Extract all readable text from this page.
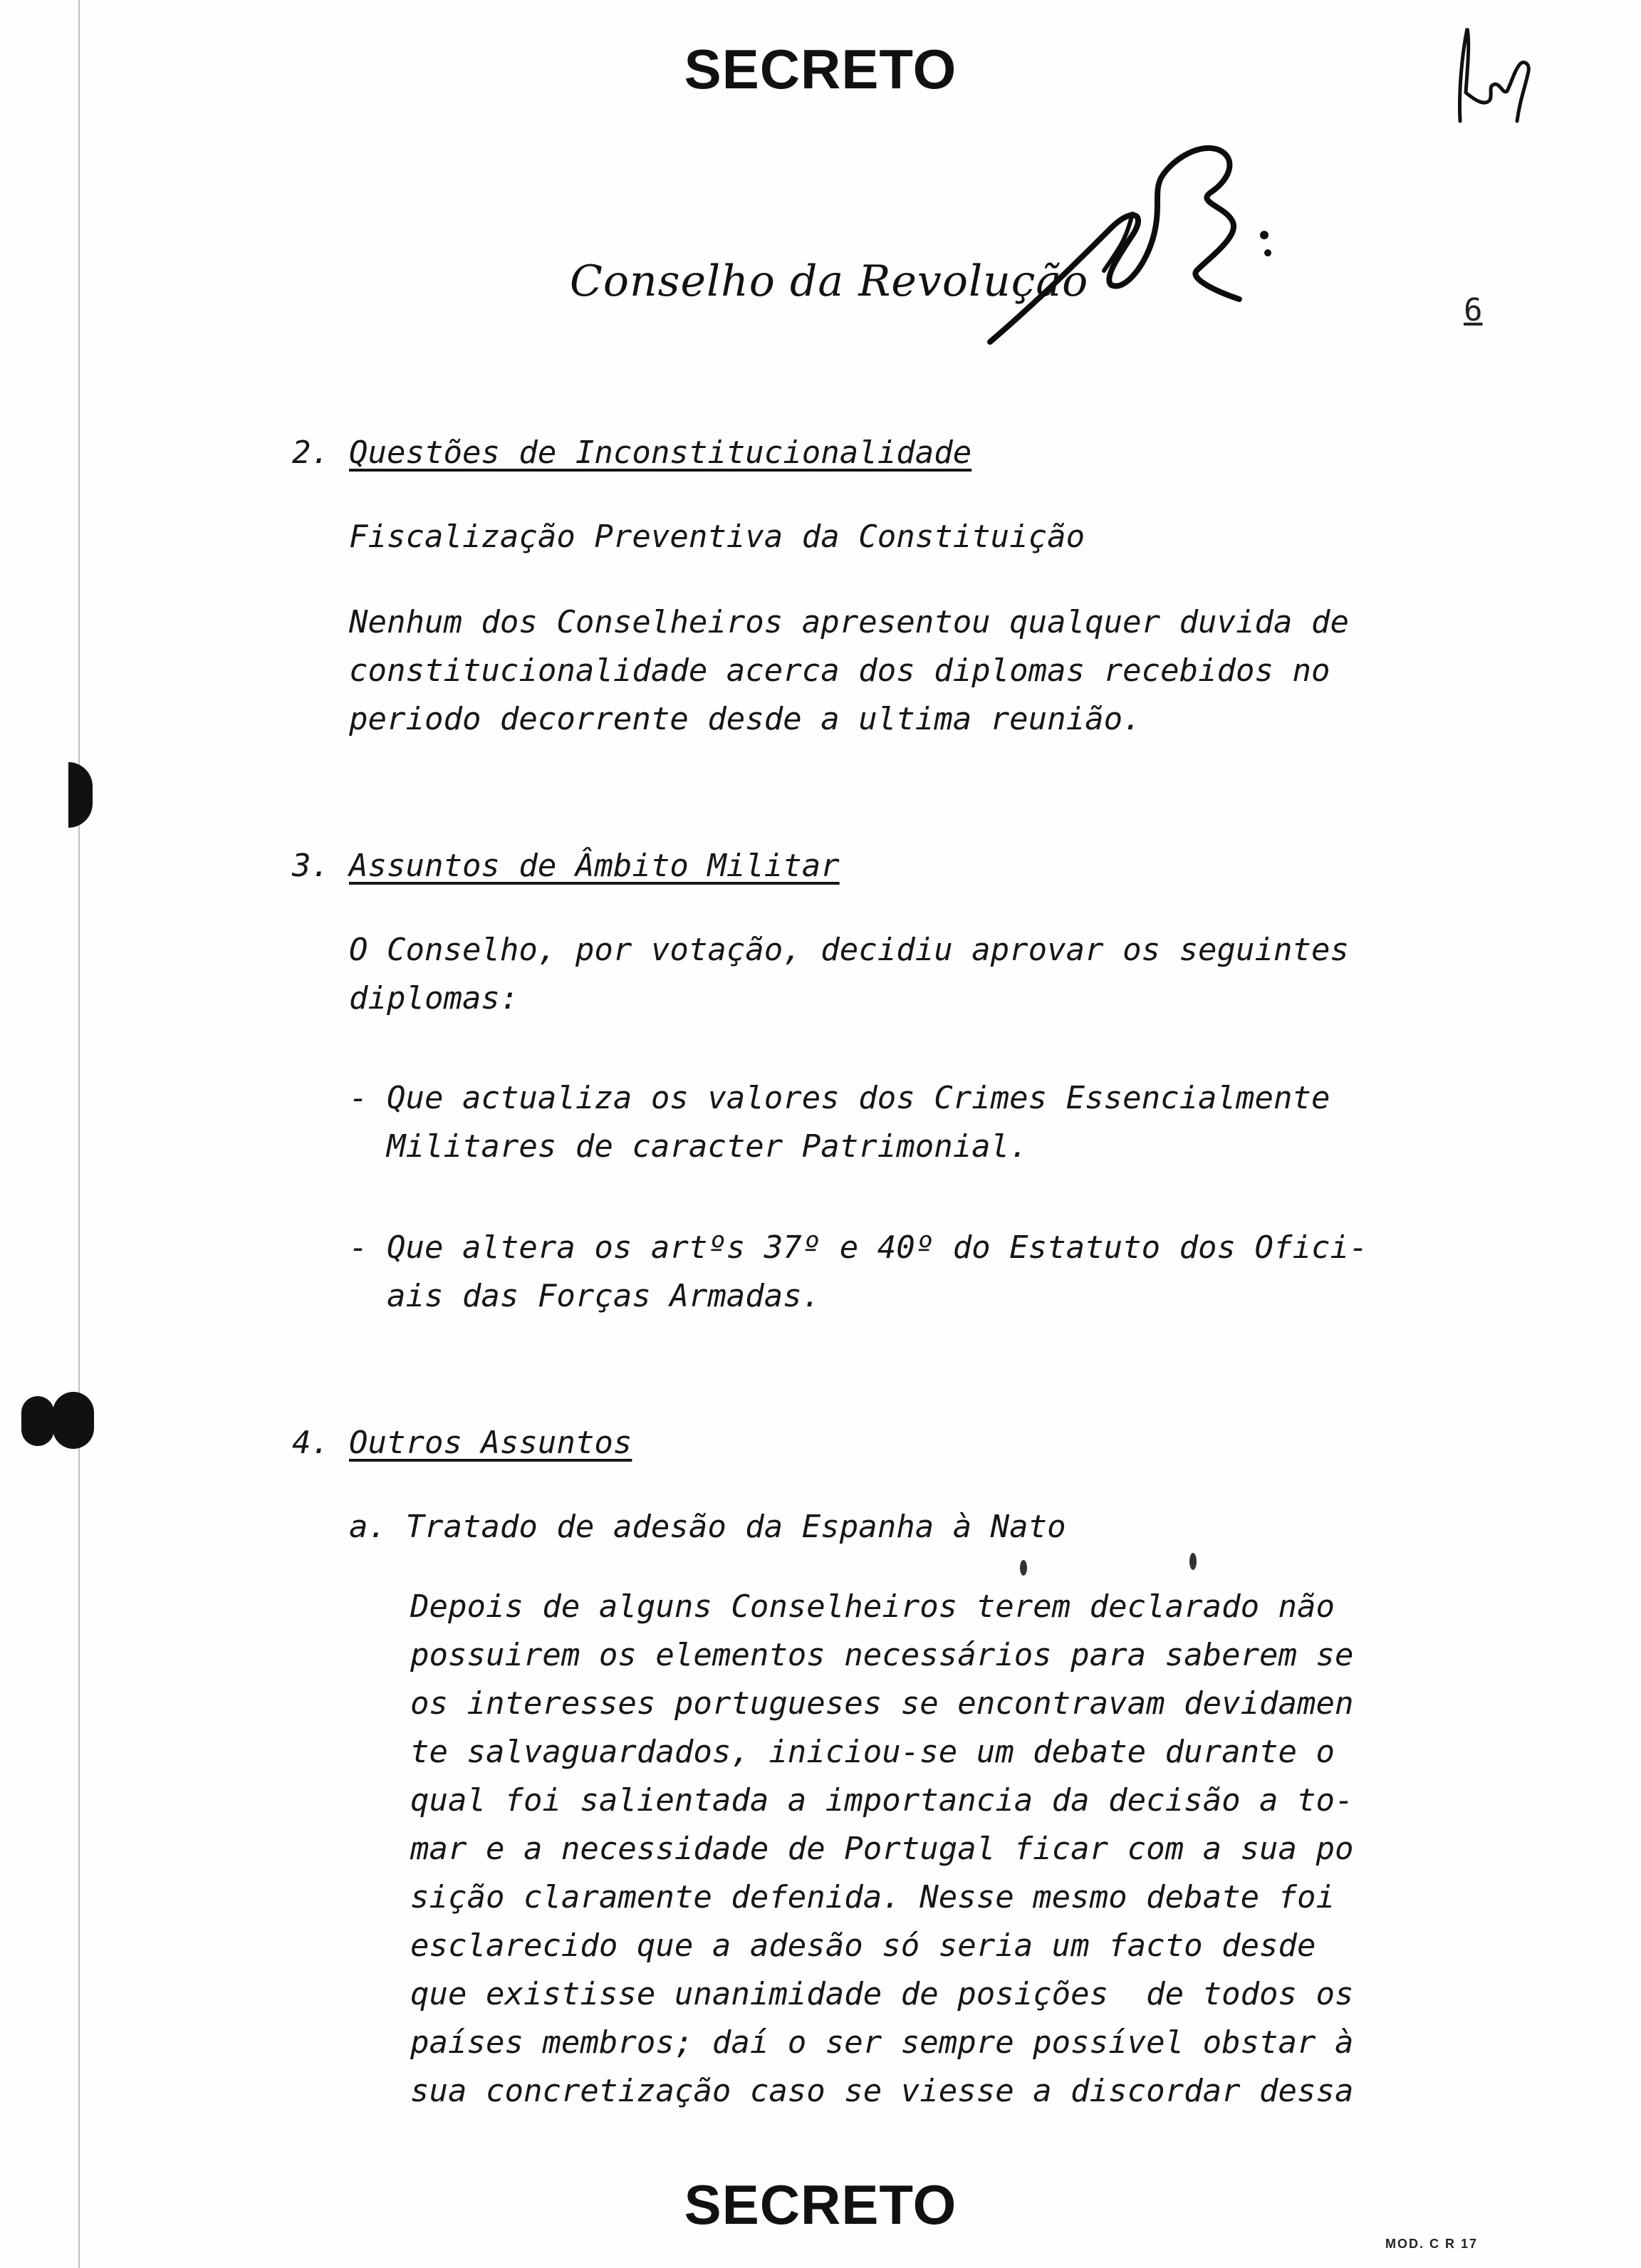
SECRETO
Conselho da Revolução
6
2. Questões de Inconstitucionalidade
Fiscalização Preventiva da Constituição
Nenhum dos Conselheiros apresentou qualquer duvida de
constitucionalidade acerca dos diplomas recebidos no
periodo decorrente desde a ultima reunião.
3. Assuntos de Âmbito Militar
O Conselho, por votação, decidiu aprovar os seguintes
diplomas:
- Que actualiza os valores dos Crimes Essencialmente
Militares de caracter Patrimonial.
- Que altera os artºs 37º e 40º do Estatuto dos Ofici-
ais das Forças Armadas.
4. Outros Assuntos
a. Tratado de adesão da Espanha à Nato
Depois de alguns Conselheiros terem declarado não
possuirem os elementos necessários para saberem se
os interesses portugueses se encontravam devidamen
te salvaguardados, iniciou-se um debate durante o
qual foi salientada a importancia da decisão a to-
mar e a necessidade de Portugal ficar com a sua po
sição claramente defenida. Nesse mesmo debate foi
esclarecido que a adesão só seria um facto desde
que existisse unanimidade de posições  de todos os
países membros; daí o ser sempre possível obstar à
sua concretização caso se viesse a discordar dessa
SECRETO
MOD. C R 17
